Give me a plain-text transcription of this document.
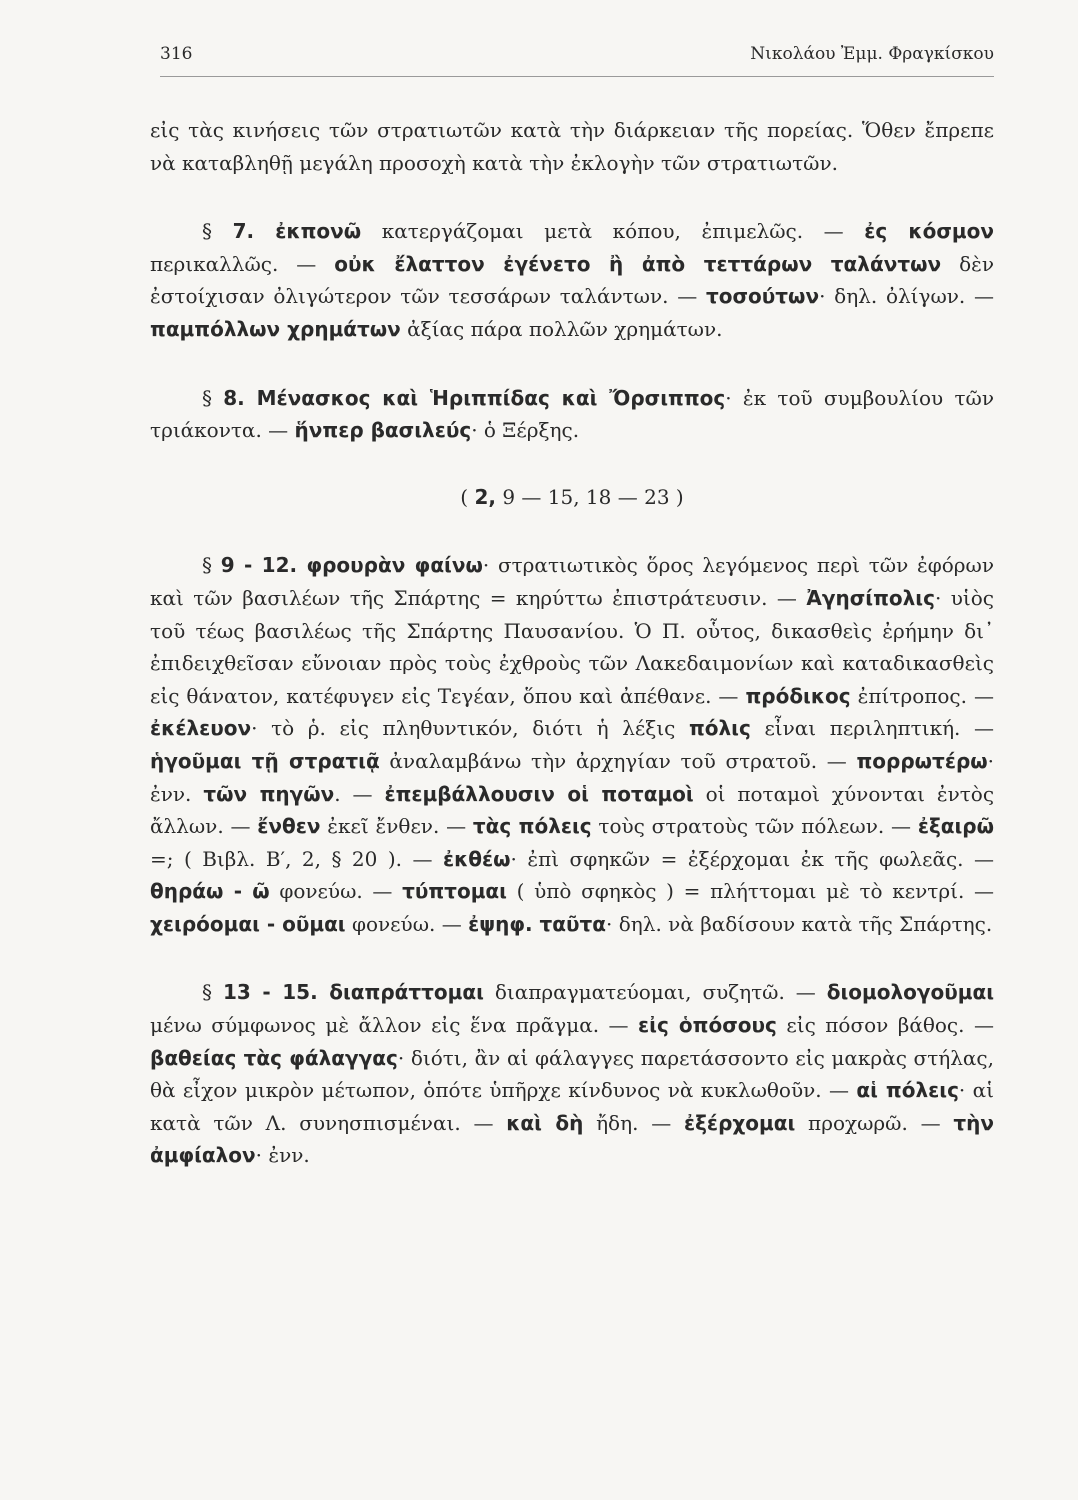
316	Νικολάου Ἐμμ. Φραγκίσκου

εἰς τὰς κινήσεις τῶν στρατιωτῶν κατὰ τὴν διάρκειαν τῆς πορείας. Ὅθεν ἔπρεπε νὰ καταβληθῇ μεγάλη προσοχὴ κατὰ τὴν ἐκλογὴν τῶν στρατιωτῶν.

§ 7. ἐκπονῶ κατεργάζομαι μετὰ κόπου, ἐπιμελῶς. — ἐς κόσμον περικαλλῶς. — οὐκ ἔλαττον ἐγένετο ἢ ἀπὸ τεττάρων ταλάντων δὲν ἐστοίχισαν ὀλιγώτερον τῶν τεσσάρων ταλάντων. — τοσούτων· δηλ. ὀλίγων. — παμπόλλων χρημάτων ἀξίας πάρα πολλῶν χρημάτων.

§ 8. Μένασκος καὶ Ἡριππίδας καὶ Ὄρσιππος· ἐκ τοῦ συμβουλίου τῶν τριάκοντα. — ἥνπερ βασιλεύς· ὁ Ξέρξης.

( 2, 9 — 15, 18 — 23 )

§ 9 - 12. φρουρὰν φαίνω· στρατιωτικὸς ὅρος λεγόμενος περὶ τῶν ἐφόρων καὶ τῶν βασιλέων τῆς Σπάρτης = κηρύττω ἐπιστράτευσιν. — Ἀγησίπολις· υἱὸς τοῦ τέως βασιλέως τῆς Σπάρτης Παυσανίου. Ὁ Π. οὗτος, δικασθεὶς ἐρήμην δι᾽ ἐπιδειχθεῖσαν εὔνοιαν πρὸς τοὺς ἐχθροὺς τῶν Λακεδαιμονίων καὶ καταδικασθεὶς εἰς θάνατον, κατέφυγεν εἰς Τεγέαν, ὅπου καὶ ἀπέθανε. — πρόδικος ἐπίτροπος. — ἐκέλευον· τὸ ῥ. εἰς πληθυντικόν, διότι ἡ λέξις πόλις εἶναι περιληπτική. — ἡγοῦμαι τῇ στρατιᾷ ἀναλαμβάνω τὴν ἀρχηγίαν τοῦ στρατοῦ. — πορρωτέρω· ἐνν. τῶν πηγῶν. — ἐπεμβάλλουσιν οἱ ποταμοὶ οἱ ποταμοὶ χύνονται ἐντὸς ἄλλων. — ἔνθεν ἐκεῖ ἔνθεν. — τὰς πόλεις τοὺς στρατοὺς τῶν πόλεων. — ἐξαιρῶ =; ( Βιβλ. Β′, 2, § 20 ). — ἐκθέω· ἐπὶ σφηκῶν = ἐξέρχομαι ἐκ τῆς φωλεᾶς. — θηράω - ῶ φονεύω. — τύπτομαι ( ὑπὸ σφηκὸς ) = πλήττομαι μὲ τὸ κεντρί. — χειρόομαι - οῦμαι φονεύω. — ἐψηφ. ταῦτα· δηλ. νὰ βαδίσουν κατὰ τῆς Σπάρτης.

§ 13 - 15. διαπράττομαι διαπραγματεύομαι, συζητῶ. — διομολογοῦμαι μένω σύμφωνος μὲ ἄλλον εἰς ἕνα πρᾶγμα. — εἰς ὁπόσους εἰς πόσον βάθος. — βαθείας τὰς φάλαγγας· διότι, ἂν αἱ φάλαγγες παρετάσσοντο εἰς μακρὰς στήλας, θὰ εἶχον μικρὸν μέτωπον, ὁπότε ὑπῆρχε κίνδυνος νὰ κυκλωθοῦν. — αἱ πόλεις· αἱ κατὰ τῶν Λ. συνησπισμέναι. — καὶ δὴ ἤδη. — ἐξέρχομαι προχωρῶ. — τὴν ἀμφίαλον· ἐνν.
